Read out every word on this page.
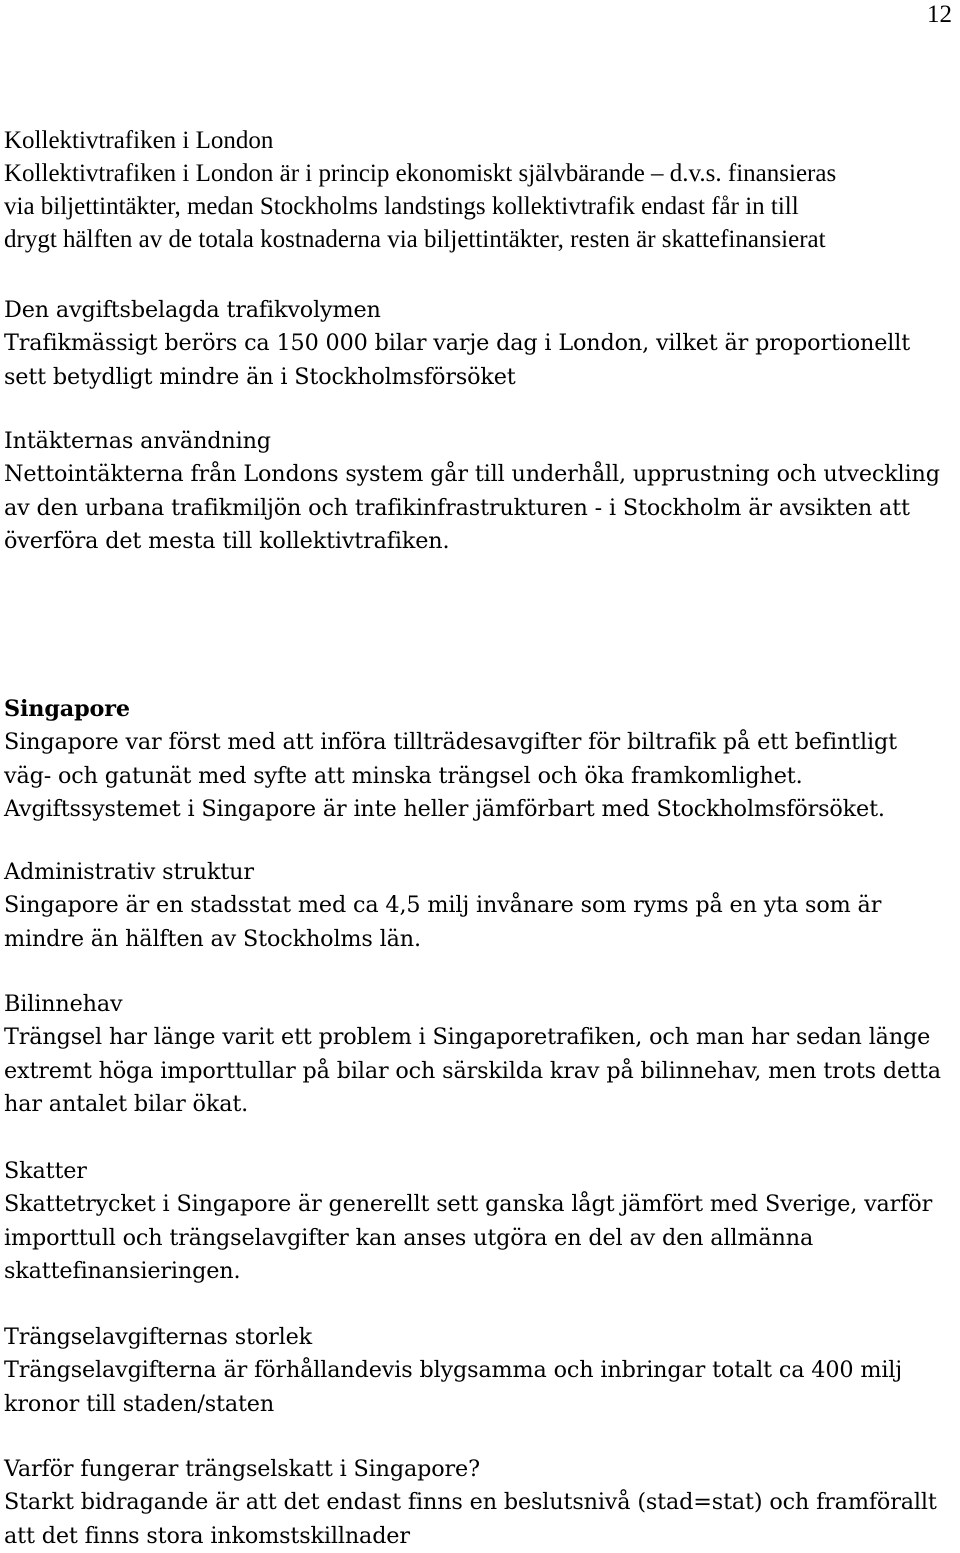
12

Kollektivtrafiken i London

Kollektivtrafiken i London är i princip ekonomiskt självbärande – d.v.s. finansieras

via biljettintäkter, medan Stockholms landstings kollektivtrafik endast får in till

drygt hälften av de totala kostnaderna via biljettintäkter, resten är skattefinansierat

Den avgiftsbelagda trafikvolymen

Trafikmässigt berörs ca 150 000 bilar varje dag i London, vilket är proportionellt

sett betydligt mindre än i Stockholmsförsöket

Intäkternas användning

Nettointäkterna från Londons system går till underhåll, upprustning och utveckling

av den urbana trafikmiljön och trafikinfrastrukturen - i Stockholm är avsikten att

överföra det mesta till kollektivtrafiken.

Singapore

Singapore var först med att införa tillträdesavgifter för biltrafik på ett befintligt

väg- och gatunät med syfte att minska trängsel och öka framkomlighet.

Avgiftssystemet i Singapore är inte heller jämförbart med Stockholmsförsöket.

Administrativ struktur

Singapore är en stadsstat med ca 4,5 milj invånare som ryms på en yta som är

mindre än hälften av Stockholms län.

Bilinnehav

Trängsel har länge varit ett problem i Singaporetrafiken, och man har sedan länge

extremt höga importtullar på bilar och särskilda krav på bilinnehav, men trots detta

har antalet bilar ökat.

Skatter

Skattetrycket i Singapore är generellt sett ganska lågt jämfört med Sverige, varför

importtull och trängselavgifter kan anses utgöra en del av den allmänna

skattefinansieringen.

Trängselavgifternas storlek

Trängselavgifterna är förhållandevis blygsamma och inbringar totalt ca 400 milj

kronor till staden/staten

Varför fungerar trängselskatt i Singapore?

Starkt bidragande är att det endast finns en beslutsnivå (stad=stat) och framförallt

att det finns stora inkomstskillnader
